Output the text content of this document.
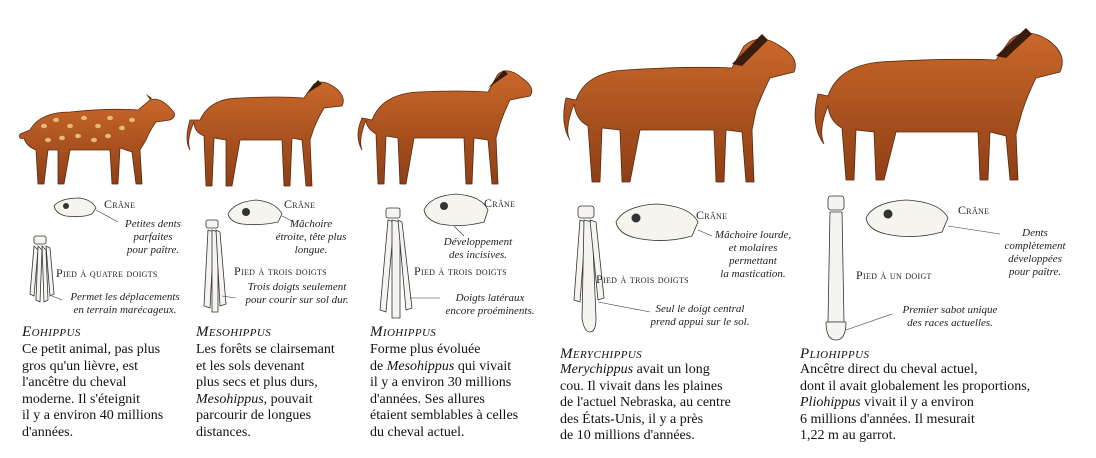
Crâne
Petites dents
parfaites
pour paître.
Pied à quatre doigts
Permet les déplacements
en terrain marécageux.
Eohippus
Ce petit animal, pas plus
gros qu'un lièvre, est
l'ancêtre du cheval
moderne. Il s'éteignit
il y a environ 40 millions
d'années.
Crâne
Mâchoire
étroite, tête plus longue.
Pied à trois doigts
Trois doigts seulement
pour courir sur sol dur.
Mesohippus
Les forêts se clairsemant
et les sols devenant
plus secs et plus durs,
Mesohippus, pouvait
parcourir de longues
distances.
Crâne
Développement
des incisives.
Pied à trois doigts
Doigts latéraux
encore proéminents.
Miohippus
Forme plus évoluée
de Mesohippus qui vivait
il y a environ 30 millions
d'années. Ses allures
étaient semblables à celles
du cheval actuel.
Crâne
Mâchoire lourde,
et molaires
permettant
la mastication.
Pied à trois doigts
Seul le doigt central
prend appui sur le sol.
Merychippus
Merychippus avait un long
cou. Il vivait dans les plaines
de l'actuel Nebraska, au centre
des États-Unis, il y a près
de 10 millions d'années.
Crâne
Dents
complètement
développées
pour paître.
Pied à un doigt
Premier sabot unique
des races actuelles.
Pliohippus
Ancêtre direct du cheval actuel,
dont il avait globalement les proportions,
Pliohippus vivait il y a environ
6 millions d'années. Il mesurait
1,22 m au garrot.
